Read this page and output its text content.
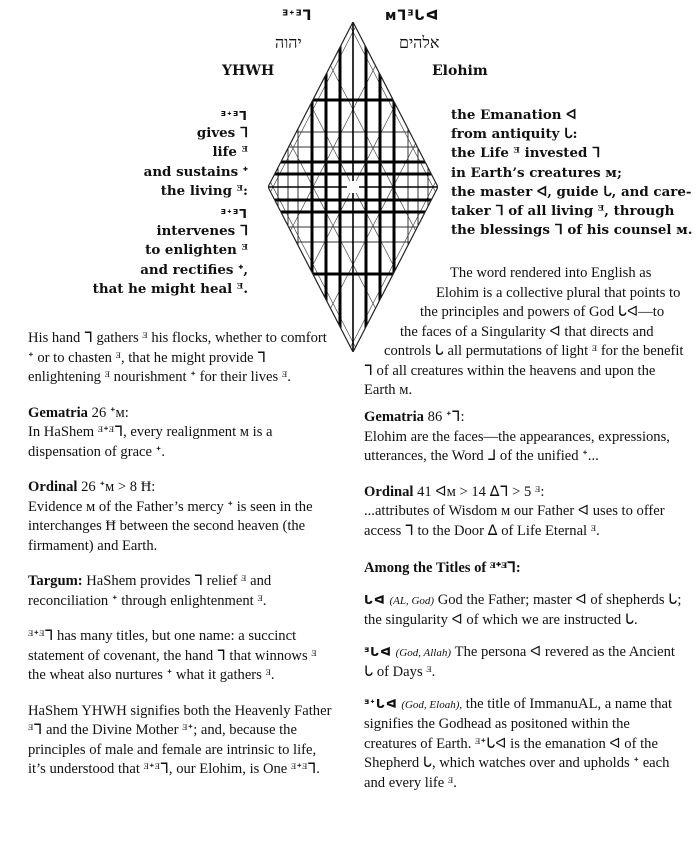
ᴲᐩᴲᒣ
יהוה
ᴍᒣᴲᒐᐊ
אלהים
YHWH	Elohim
ᴲᐩᴲᒣ
gives ᒣ
life ᴲ
and sustains ᐩ
the living ᴲ:
ᴲᐩᴲᒣ
intervenes ᒣ
to enlighten ᴲ
and rectifies ᐩ,
that he might heal ᴲ.
the Emanation ᐊ
from antiquity ᒐ:
the Life ᴲ invested ᒣ
in Earth’s creatures ᴍ;
the master ᐊ, guide ᒐ, and care-
taker ᒣ of all living ᴲ, through
the blessings ᒣ of his counsel ᴍ.
The word rendered into English as Elohim is a collective plural that points to the principles and powers of God ᒐᐊ—to the faces of a Singularity ᐊ that directs and controls ᒐ all permutations of light ᴲ for the benefit ᒣ of all creatures within the heavens and upon the Earth ᴍ.
His hand ᒣ gathers ᴲ his flocks, whether to comfort ᐩ or to chasten ᴲ, that he might provide ᒣ enlightening ᴲ nourishment ᐩ for their lives ᴲ.
Gematria 26 ᐩᴍ:
In HaShem ᴲᐩᴲᒣ, every realignment ᴍ is a dispensation of grace ᐩ.
Ordinal 26 ᐩᴍ > 8 Ħ:
Evidence ᴍ of the Father’s mercy ᐩ is seen in the interchanges Ħ between the second heaven (the firmament) and Earth.
Targum: HaShem provides ᒣ relief ᴲ and reconciliation ᐩ through enlightenment ᴲ.
ᴲᐩᴲᒣ has many titles, but one name: a succinct statement of covenant, the hand ᒣ that winnows ᴲ the wheat also nurtures ᐩ what it gathers ᴲ.
HaShem YHWH signifies both the Heavenly Father ᴲᒣ and the Divine Mother ᴲᐩ; and, because the principles of male and female are intrinsic to life, it’s understood that ᴲᐩᴲᒣ, our Elohim, is One ᴲᐩᴲᒣ.
Gematria 86 ᐩᒣ:
Elohim are the faces—the appearances, expressions, utterances, the Word ᒧ of the unified ᐩ...
Ordinal 41 ᐊᴍ > 14 ᐃᒣ > 5 ᴲ:
...attributes of Wisdom ᴍ our Father ᐊ uses to offer access ᒣ to the Door ᐃ of Life Eternal ᴲ.
Among the Titles of ᴲᐩᴲᒣ:
ᒐᐊ (AL, God) God the Father; master ᐊ of shepherds ᒐ; the singularity ᐊ of which we are instructed ᒐ.
ᴲᒐᐊ (God, Allah) The persona ᐊ revered as the Ancient ᒐ of Days ᴲ.
ᴲᐩᒐᐊ (God, Eloah), the title of ImmanuAL, a name that signifies the Godhead as positoned within the creatures of Earth. ᴲᐩᒐᐊ is the emanation ᐊ of the Shepherd ᒐ, which watches over and upholds ᐩ each and every life ᴲ.
